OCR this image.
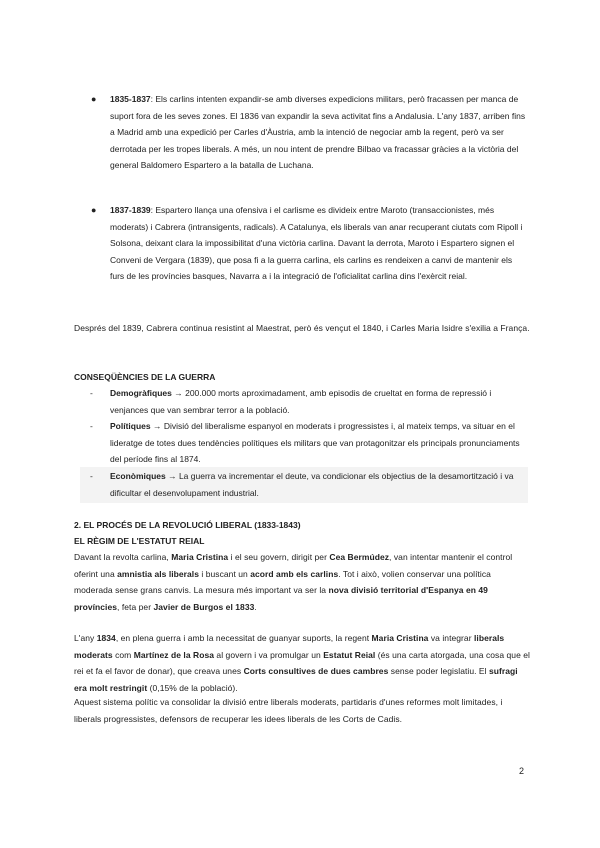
● 1835-1837: Els carlins intenten expandir-se amb diverses expedicions militars, però fracassen per manca de suport fora de les seves zones. El 1836 van expandir la seva activitat fins a Andalusia. L'any 1837, arriben fins a Madrid amb una expedició per Carles d'Àustria, amb la intenció de negociar amb la regent, però va ser derrotada per les tropes liberals. A més, un nou intent de prendre Bilbao va fracassar gràcies a la victòria del general Baldomero Espartero a la batalla de Luchana.
● 1837-1839: Espartero llança una ofensiva i el carlisme es divideix entre Maroto (transaccionistes, més moderats) i Cabrera (intransigents, radicals). A Catalunya, els liberals van anar recuperant ciutats com Ripoll i Solsona, deixant clara la impossibilitat d'una victòria carlina. Davant la derrota, Maroto i Espartero signen el Conveni de Vergara (1839), que posa fi a la guerra carlina, els carlins es rendeixen a canvi de mantenir els furs de les províncies basques, Navarra a i la integració de l'oficialitat carlina dins l'exèrcit reial.
Després del 1839, Cabrera continua resistint al Maestrat, però és vençut el 1840, i Carles Maria Isidre s'exilia a França.
CONSEQÜÈNCIES DE LA GUERRA
- Demogràfiques → 200.000 morts aproximadament, amb episodis de crueltat en forma de repressió i venjances que van sembrar terror a la població.
- Polítiques → Divisió del liberalisme espanyol en moderats i progressistes i, al mateix temps, va situar en el lideratge de totes dues tendències polítiques els militars que van protagonitzar els principals pronunciaments del període fins al 1874.
- Econòmiques → La guerra va incrementar el deute, va condicionar els objectius de la desamortització i va dificultar el desenvolupament industrial.
2. EL PROCÉS DE LA REVOLUCIÓ LIBERAL (1833-1843)
EL RÈGIM DE L'ESTATUT REIAL
Davant la revolta carlina, Maria Cristina i el seu govern, dirigit per Cea Bermúdez, van intentar mantenir el control oferint una amnistia als liberals i buscant un acord amb els carlins. Tot i això, volien conservar una política moderada sense grans canvis. La mesura més important va ser la nova divisió territorial d'Espanya en 49 províncies, feta per Javier de Burgos el 1833.
L'any 1834, en plena guerra i amb la necessitat de guanyar suports, la regent Maria Cristina va integrar liberals moderats com Martínez de la Rosa al govern i va promulgar un Estatut Reial (és una carta atorgada, una cosa que el rei et fa el favor de donar), que creava unes Corts consultives de dues cambres sense poder legislatiu. El sufragi era molt restringit (0,15% de la població).
Aquest sistema polític va consolidar la divisió entre liberals moderats, partidaris d'unes reformes molt limitades, i liberals progressistes, defensors de recuperar les idees liberals de les Corts de Cadis.
2
